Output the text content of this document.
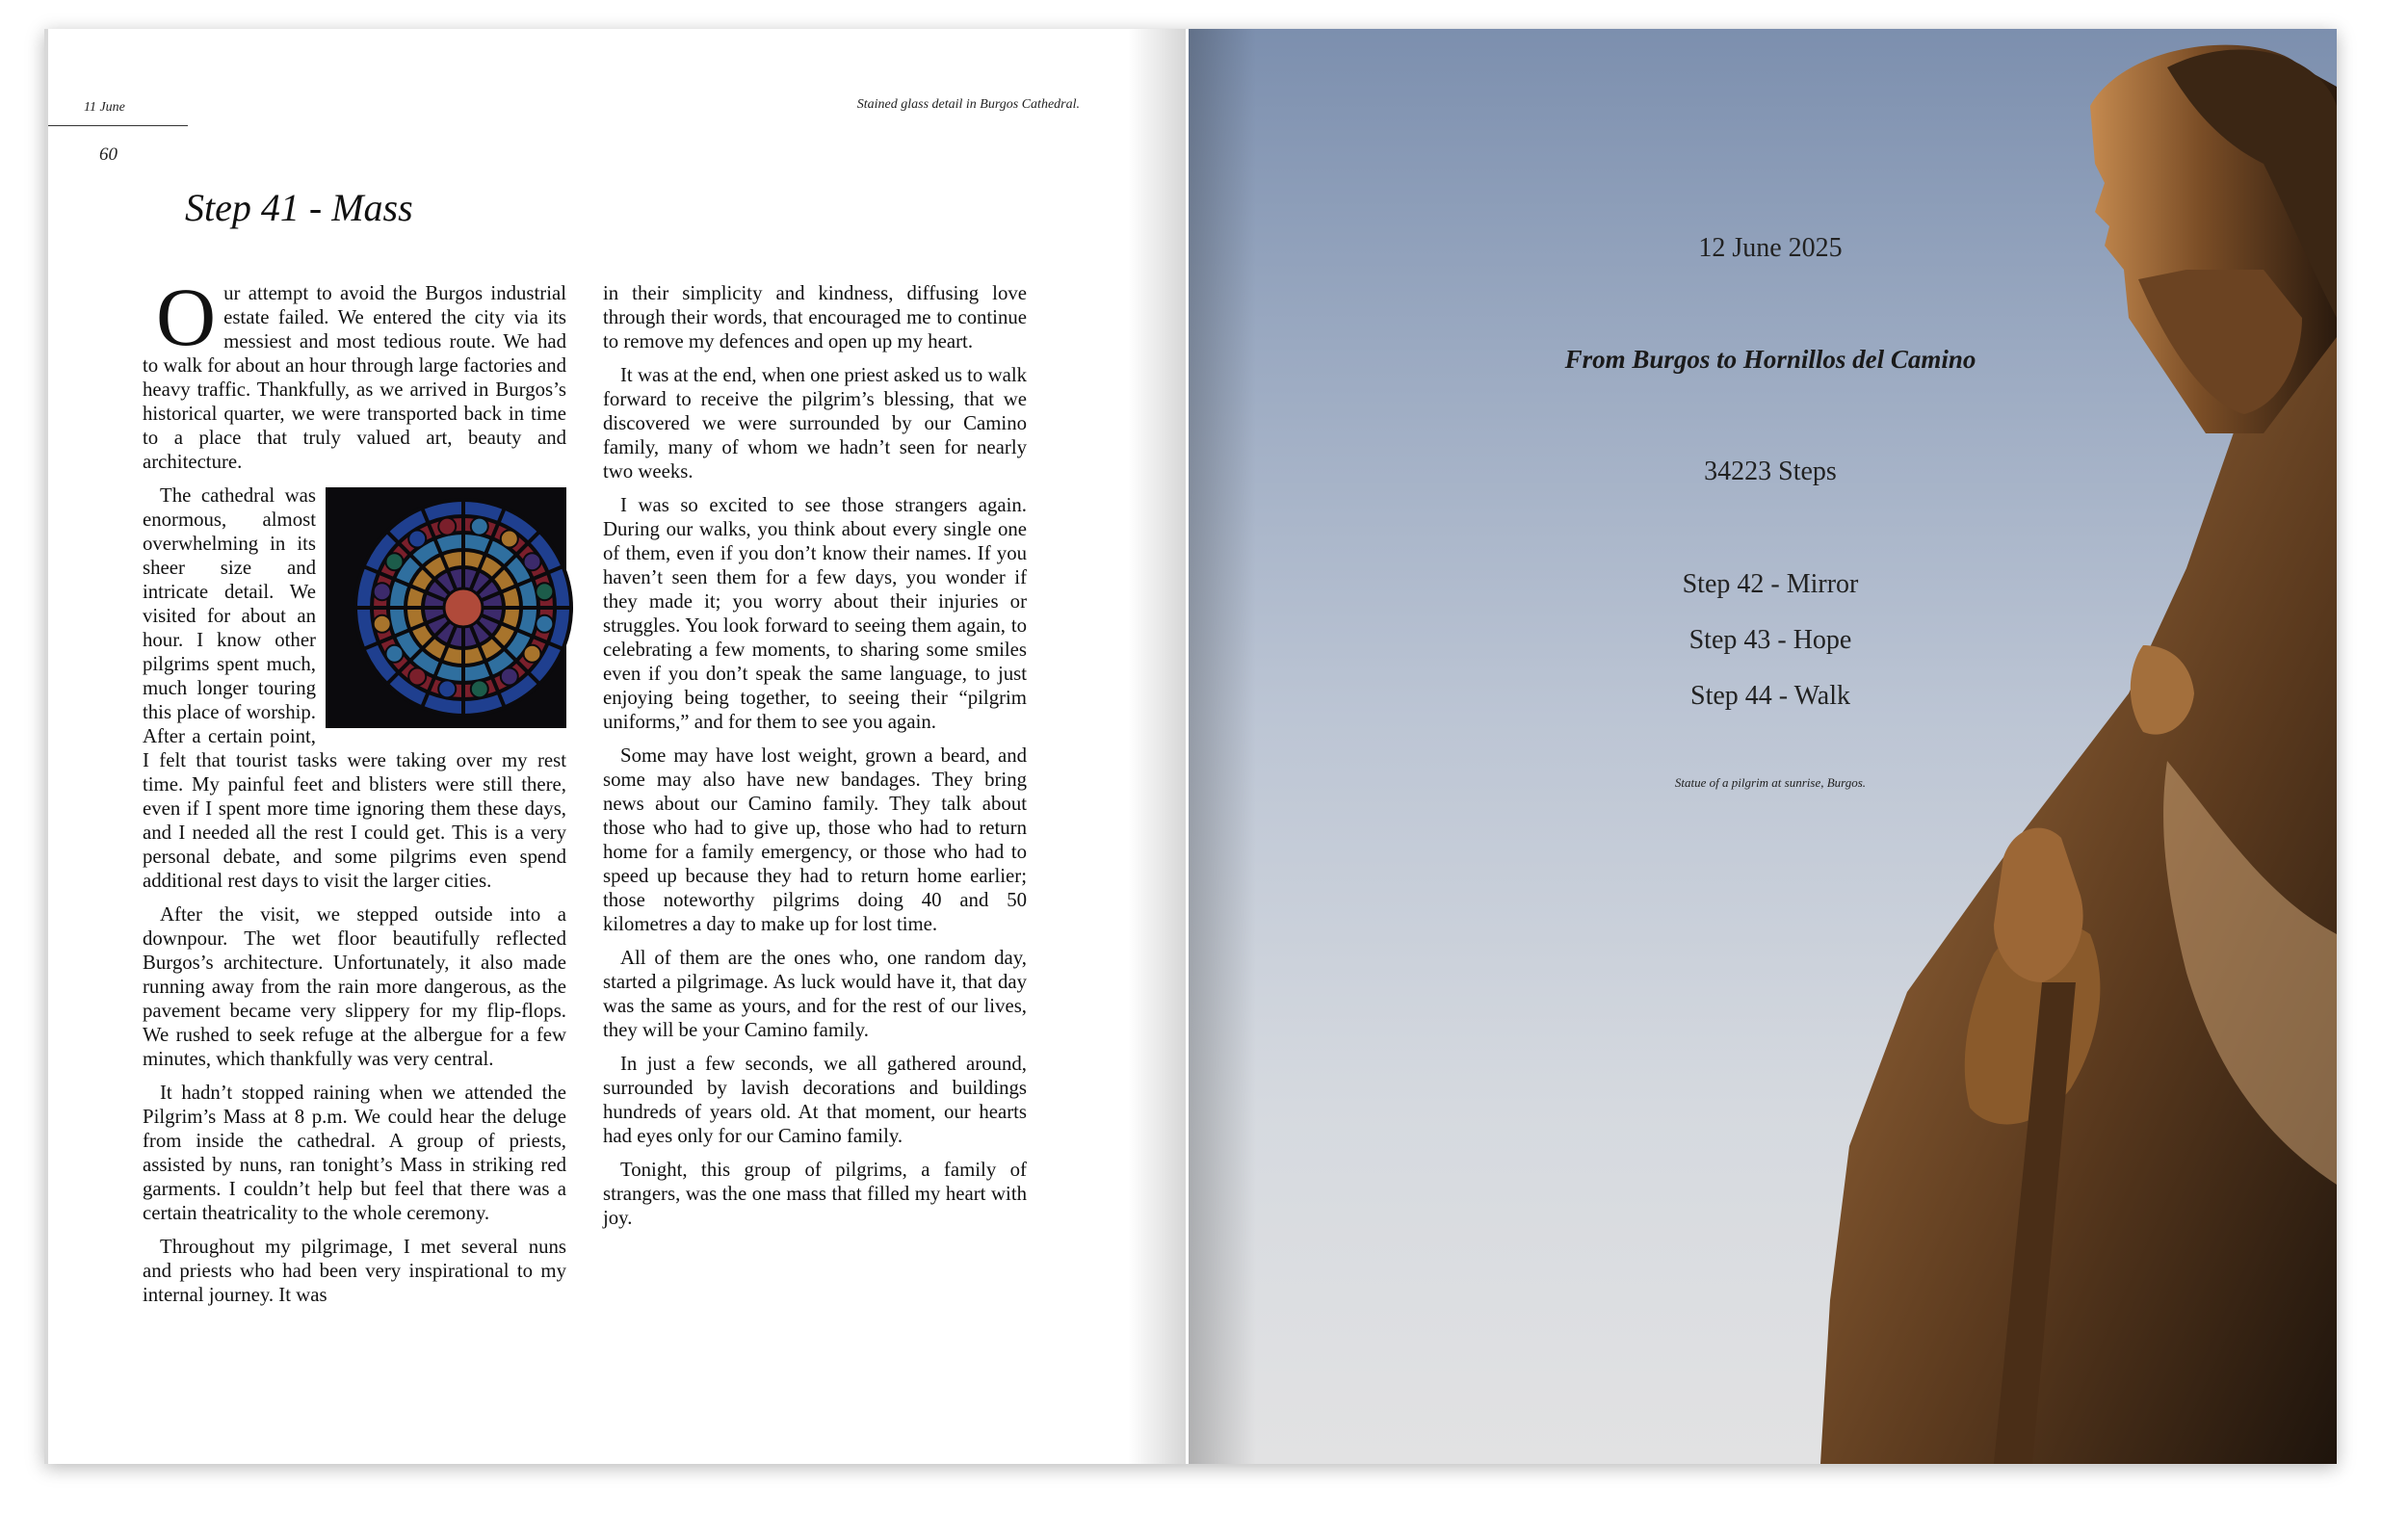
11 June	Stained glass detail in Burgos Cathedral.
60
Step 41 - Mass

Our attempt to avoid the Burgos industrial estate failed. We entered the city via its messiest and most tedious route. We had to walk for about an hour through large factories and heavy traffic. Thankfully, as we arrived in Burgos’s historical quarter, we were transported back in time to a place that truly valued art, beauty and architecture.

The cathedral was enormous, almost overwhelming in its sheer size and intricate detail. We visited for about an hour. I know other pilgrims spent much, much longer touring this place of worship. After a certain point, I felt that tourist tasks were taking over my rest time. My painful feet and blisters were still there, even if I spent more time ignoring them these days, and I needed all the rest I could get. This is a very personal debate, and some pilgrims even spend additional rest days to visit the larger cities.

After the visit, we stepped outside into a downpour. The wet floor beautifully reflected Burgos’s architecture. Unfortunately, it also made running away from the rain more dangerous, as the pavement became very slippery for my flip-flops. We rushed to seek refuge at the albergue for a few minutes, which thankfully was very central.

It hadn’t stopped raining when we attended the Pilgrim’s Mass at 8 p.m. We could hear the deluge from inside the cathedral. A group of priests, assisted by nuns, ran tonight’s Mass in striking red garments. I couldn’t help but feel that there was a certain theatricality to the whole ceremony.

Throughout my pilgrimage, I met several nuns and priests who had been very inspirational to my internal journey. It was

in their simplicity and kindness, diffusing love through their words, that encouraged me to continue to remove my defences and open up my heart.

It was at the end, when one priest asked us to walk forward to receive the pilgrim’s blessing, that we discovered we were surrounded by our Camino family, many of whom we hadn’t seen for nearly two weeks.

I was so excited to see those strangers again. During our walks, you think about every single one of them, even if you don’t know their names. If you haven’t seen them for a few days, you wonder if they made it; you worry about their injuries or struggles. You look forward to seeing them again, to celebrating a few moments, to sharing some smiles even if you don’t speak the same language, to just enjoying being together, to seeing their “pilgrim uniforms,” and for them to see you again.

Some may have lost weight, grown a beard, and some may also have new bandages. They bring news about our Camino family. They talk about those who had to give up, those who had to return home for a family emergency, or those who had to speed up because they had to return home earlier; those noteworthy pilgrims doing 40 and 50 kilometres a day to make up for lost time.

All of them are the ones who, one random day, started a pilgrimage. As luck would have it, that day was the same as yours, and for the rest of our lives, they will be your Camino family.

In just a few seconds, we all gathered around, surrounded by lavish decorations and buildings hundreds of years old. At that moment, our hearts had eyes only for our Camino family.

Tonight, this group of pilgrims, a family of strangers, was the one mass that filled my heart with joy.

12 June 2025
From Burgos to Hornillos del Camino
34223 Steps
Step 42 - Mirror
Step 43 - Hope
Step 44 - Walk
Statue of a pilgrim at sunrise, Burgos.
